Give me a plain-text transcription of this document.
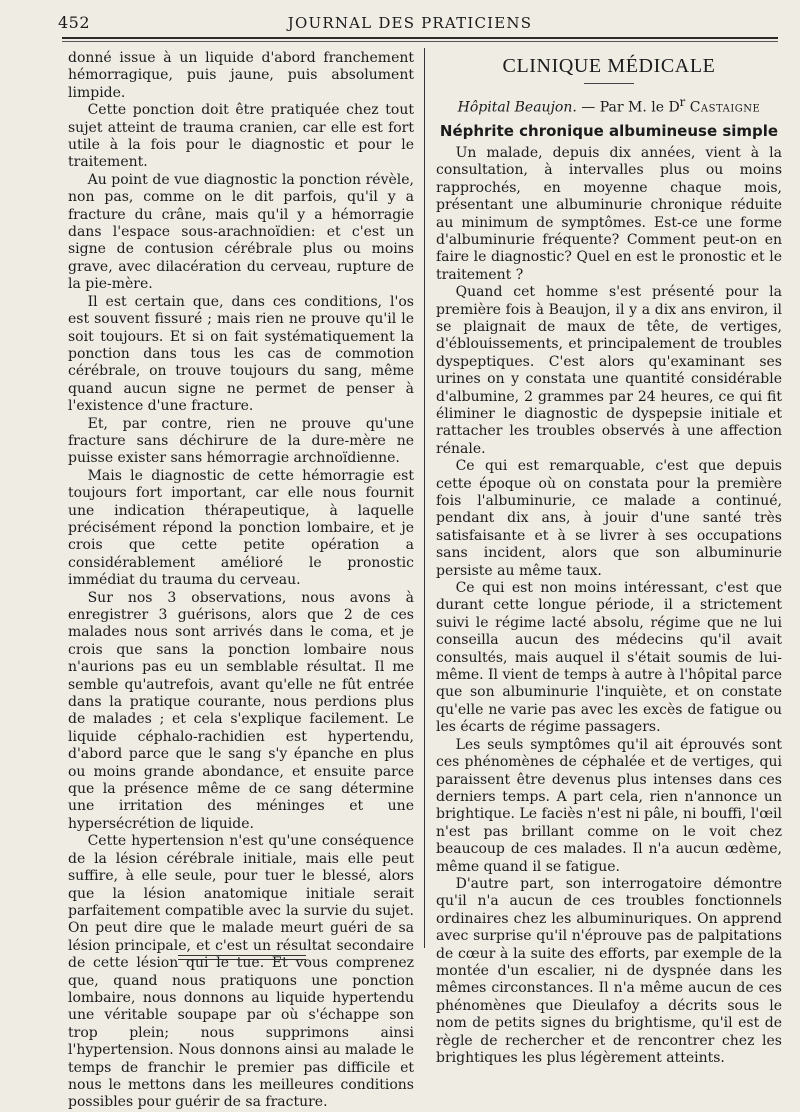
452	JOURNAL DES PRATICIENS

donné issue à un liquide d'abord franchement hémorragique, puis jaune, puis absolument limpide.

Cette ponction doit être pratiquée chez tout sujet atteint de trauma cranien, car elle est fort utile à la fois pour le diagnostic et pour le traitement.

Au point de vue diagnostic la ponction révèle, non pas, comme on le dit parfois, qu'il y a fracture du crâne, mais qu'il y a hémorragie dans l'espace sous-arachnoïdien: et c'est un signe de contusion cérébrale plus ou moins grave, avec dilacération du cerveau, rupture de la pie-mère.

Il est certain que, dans ces conditions, l'os est souvent fissuré ; mais rien ne prouve qu'il le soit toujours. Et si on fait systématiquement la ponction dans tous les cas de commotion cérébrale, on trouve toujours du sang, même quand aucun signe ne permet de penser à l'existence d'une fracture.

Et, par contre, rien ne prouve qu'une fracture sans déchirure de la dure-mère ne puisse exister sans hémorragie archnoïdienne.

Mais le diagnostic de cette hémorragie est toujours fort important, car elle nous fournit une indication thérapeutique, à laquelle précisément répond la ponction lombaire, et je crois que cette petite opération a considérablement amélioré le pronostic immédiat du trauma du cerveau.

Sur nos 3 observations, nous avons à enregistrer 3 guérisons, alors que 2 de ces malades nous sont arrivés dans le coma, et je crois que sans la ponction lombaire nous n'aurions pas eu un semblable résultat. Il me semble qu'autrefois, avant qu'elle ne fût entrée dans la pratique courante, nous perdions plus de malades ; et cela s'explique facilement. Le liquide céphalo-rachidien est hypertendu, d'abord parce que le sang s'y épanche en plus ou moins grande abondance, et ensuite parce que la présence même de ce sang détermine une irritation des méninges et une hypersécrétion de liquide.

Cette hypertension n'est qu'une conséquence de la lésion cérébrale initiale, mais elle peut suffire, à elle seule, pour tuer le blessé, alors que la lésion anatomique initiale serait parfaitement compatible avec la survie du sujet. On peut dire que le malade meurt guéri de sa lésion principale, et c'est un résultat secondaire de cette lésion qui le tue. Et vous comprenez que, quand nous pratiquons une ponction lombaire, nous donnons au liquide hypertendu une véritable soupape par où s'échappe son trop plein; nous supprimons ainsi l'hypertension. Nous donnons ainsi au malade le temps de franchir le premier pas difficile et nous le mettons dans les meilleures conditions possibles pour guérir de sa fracture.

CLINIQUE MÉDICALE
Hôpital Beaujon. — Par M. le $D^r$ Castaigne
Néphrite chronique albumineuse simple

Un malade, depuis dix années, vient à la consultation, à intervalles plus ou moins rapprochés, en moyenne chaque mois, présentant une albuminurie chronique réduite au minimum de symptômes. Est-ce une forme d'albuminurie fréquente? Comment peut-on en faire le diagnostic? Quel en est le pronostic et le traitement ?

Quand cet homme s'est présenté pour la première fois à Beaujon, il y a dix ans environ, il se plaignait de maux de tête, de vertiges, d'éblouissements, et principalement de troubles dyspeptiques. C'est alors qu'examinant ses urines on y constata une quantité considérable d'albumine, 2 grammes par 24 heures, ce qui fit éliminer le diagnostic de dyspepsie initiale et rattacher les troubles observés à une affection rénale.

Ce qui est remarquable, c'est que depuis cette époque où on constata pour la première fois l'albuminurie, ce malade a continué, pendant dix ans, à jouir d'une santé très satisfaisante et à se livrer à ses occupations sans incident, alors que son albuminurie persiste au même taux.

Ce qui est non moins intéressant, c'est que durant cette longue période, il a strictement suivi le régime lacté absolu, régime que ne lui conseilla aucun des médecins qu'il avait consultés, mais auquel il s'était soumis de lui-même. Il vient de temps à autre à l'hôpital parce que son albuminurie l'inquiète, et on constate qu'elle ne varie pas avec les excès de fatigue ou les écarts de régime passagers.

Les seuls symptômes qu'il ait éprouvés sont ces phénomènes de céphalée et de vertiges, qui paraissent être devenus plus intenses dans ces derniers temps. A part cela, rien n'annonce un brightique. Le faciès n'est ni pâle, ni bouffi, l'œil n'est pas brillant comme on le voit chez beaucoup de ces malades. Il n'a aucun œdème, même quand il se fatigue.

D'autre part, son interrogatoire démontre qu'il n'a aucun de ces troubles fonctionnels ordinaires chez les albuminuriques. On apprend avec surprise qu'il n'éprouve pas de palpitations de cœur à la suite des efforts, par exemple de la montée d'un escalier, ni de dyspnée dans les mêmes circonstances. Il n'a même aucun de ces phénomènes que Dieulafoy a décrits sous le nom de petits signes du brightisme, qu'il est de règle de rechercher et de rencontrer chez les brightiques les plus légèrement atteints.
